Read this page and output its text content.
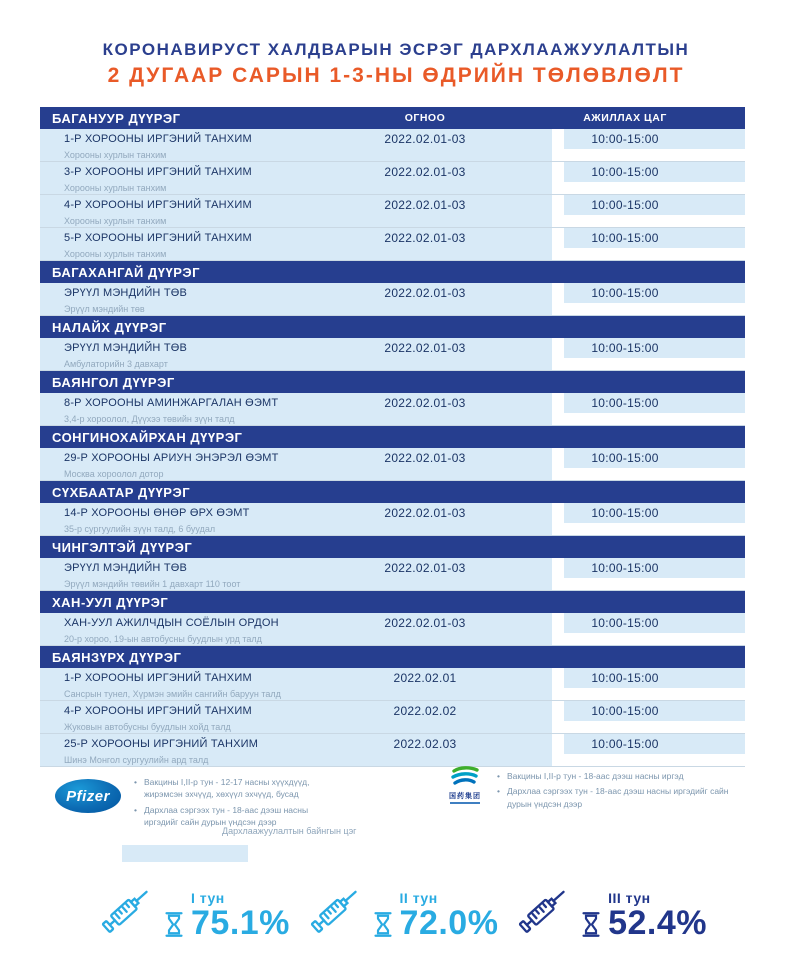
КОРОНАВИРУСТ ХАЛДВАРЫН ЭСРЭГ ДАРХЛААЖУУЛАЛТЫН
2 ДУГААР САРЫН 1-3-НЫ ӨДРИЙН ТӨЛӨВЛӨЛТ
БАГАНУУР ДҮҮРЭГ	ОГНОО	АЖИЛЛАХ ЦАГ
1-Р ХОРООНЫ ИРГЭНИЙ ТАНХИМ	2022.02.01-03	10:00-15:00
Хорооны хурлын танхим
3-Р ХОРООНЫ ИРГЭНИЙ ТАНХИМ	2022.02.01-03	10:00-15:00
Хорооны хурлын танхим
4-Р ХОРООНЫ ИРГЭНИЙ ТАНХИМ	2022.02.01-03	10:00-15:00
Хорооны хурлын танхим
5-Р ХОРООНЫ ИРГЭНИЙ ТАНХИМ	2022.02.01-03	10:00-15:00
Хорооны хурлын танхим
БАГАХАНГАЙ ДҮҮРЭГ
ЭРҮҮЛ МЭНДИЙН ТӨВ	2022.02.01-03	10:00-15:00
Эрүүл мэндийн төв
НАЛАЙХ ДҮҮРЭГ
ЭРҮҮЛ МЭНДИЙН ТӨВ	2022.02.01-03	10:00-15:00
Амбулаторийн 3 давхарт
БАЯНГОЛ ДҮҮРЭГ
8-Р ХОРООНЫ АМИНЖАРГАЛАН ӨЭМТ	2022.02.01-03	10:00-15:00
3,4-р хороолол, Дүүхээ төвийн зүүн талд
СОНГИНОХАЙРХАН ДҮҮРЭГ
29-Р ХОРООНЫ АРИУН ЭНЭРЭЛ ӨЭМТ	2022.02.01-03	10:00-15:00
Москва хороолол дотор
СҮХБААТАР ДҮҮРЭГ
14-Р ХОРООНЫ ӨНӨР ӨРХ ӨЭМТ	2022.02.01-03	10:00-15:00
35-р сургуулийн зүүн талд, 6 буудал
ЧИНГЭЛТЭЙ ДҮҮРЭГ
ЭРҮҮЛ МЭНДИЙН ТӨВ	2022.02.01-03	10:00-15:00
Эрүүл мэндийн төвийн 1 давхарт 110 тоот
ХАН-УУЛ ДҮҮРЭГ
ХАН-УУЛ АЖИЛЧДЫН СОЁЛЫН ОРДОН	2022.02.01-03	10:00-15:00
20-р хороо, 19-ын автобусны буудлын урд талд
БАЯНЗҮРХ ДҮҮРЭГ
1-Р ХОРООНЫ ИРГЭНИЙ ТАНХИМ	2022.02.01	10:00-15:00
Сансрын тунел, Хүрмэн эмийн сангийн баруун талд
4-Р ХОРООНЫ ИРГЭНИЙ ТАНХИМ	2022.02.02	10:00-15:00
Жуковын автобусны буудлын хойд талд
25-Р ХОРООНЫ ИРГЭНИЙ ТАНХИМ	2022.02.03	10:00-15:00
Шинэ Монгол сургуулийн ард талд
Pfizer
• Вакцины I,II-р тун - 12-17 насны хүүхдүүд, жирэмсэн эхчүүд, хөхүүл эхчүүд, бусад
• Дархлаа сэргээх тун - 18-аас дээш насны иргэдийг сайн дурын үндсэн дээр
国药集团
• Вакцины I,II-р тун - 18-аас дээш насны иргэд
• Дархлаа сэргээх тун - 18-аас дээш насны иргэдийг сайн дурын үндсэн дээр
Дархлаажуулалтын байнгын цэг
I тун
75.1%
II тун
72.0%
III тун
52.4%
